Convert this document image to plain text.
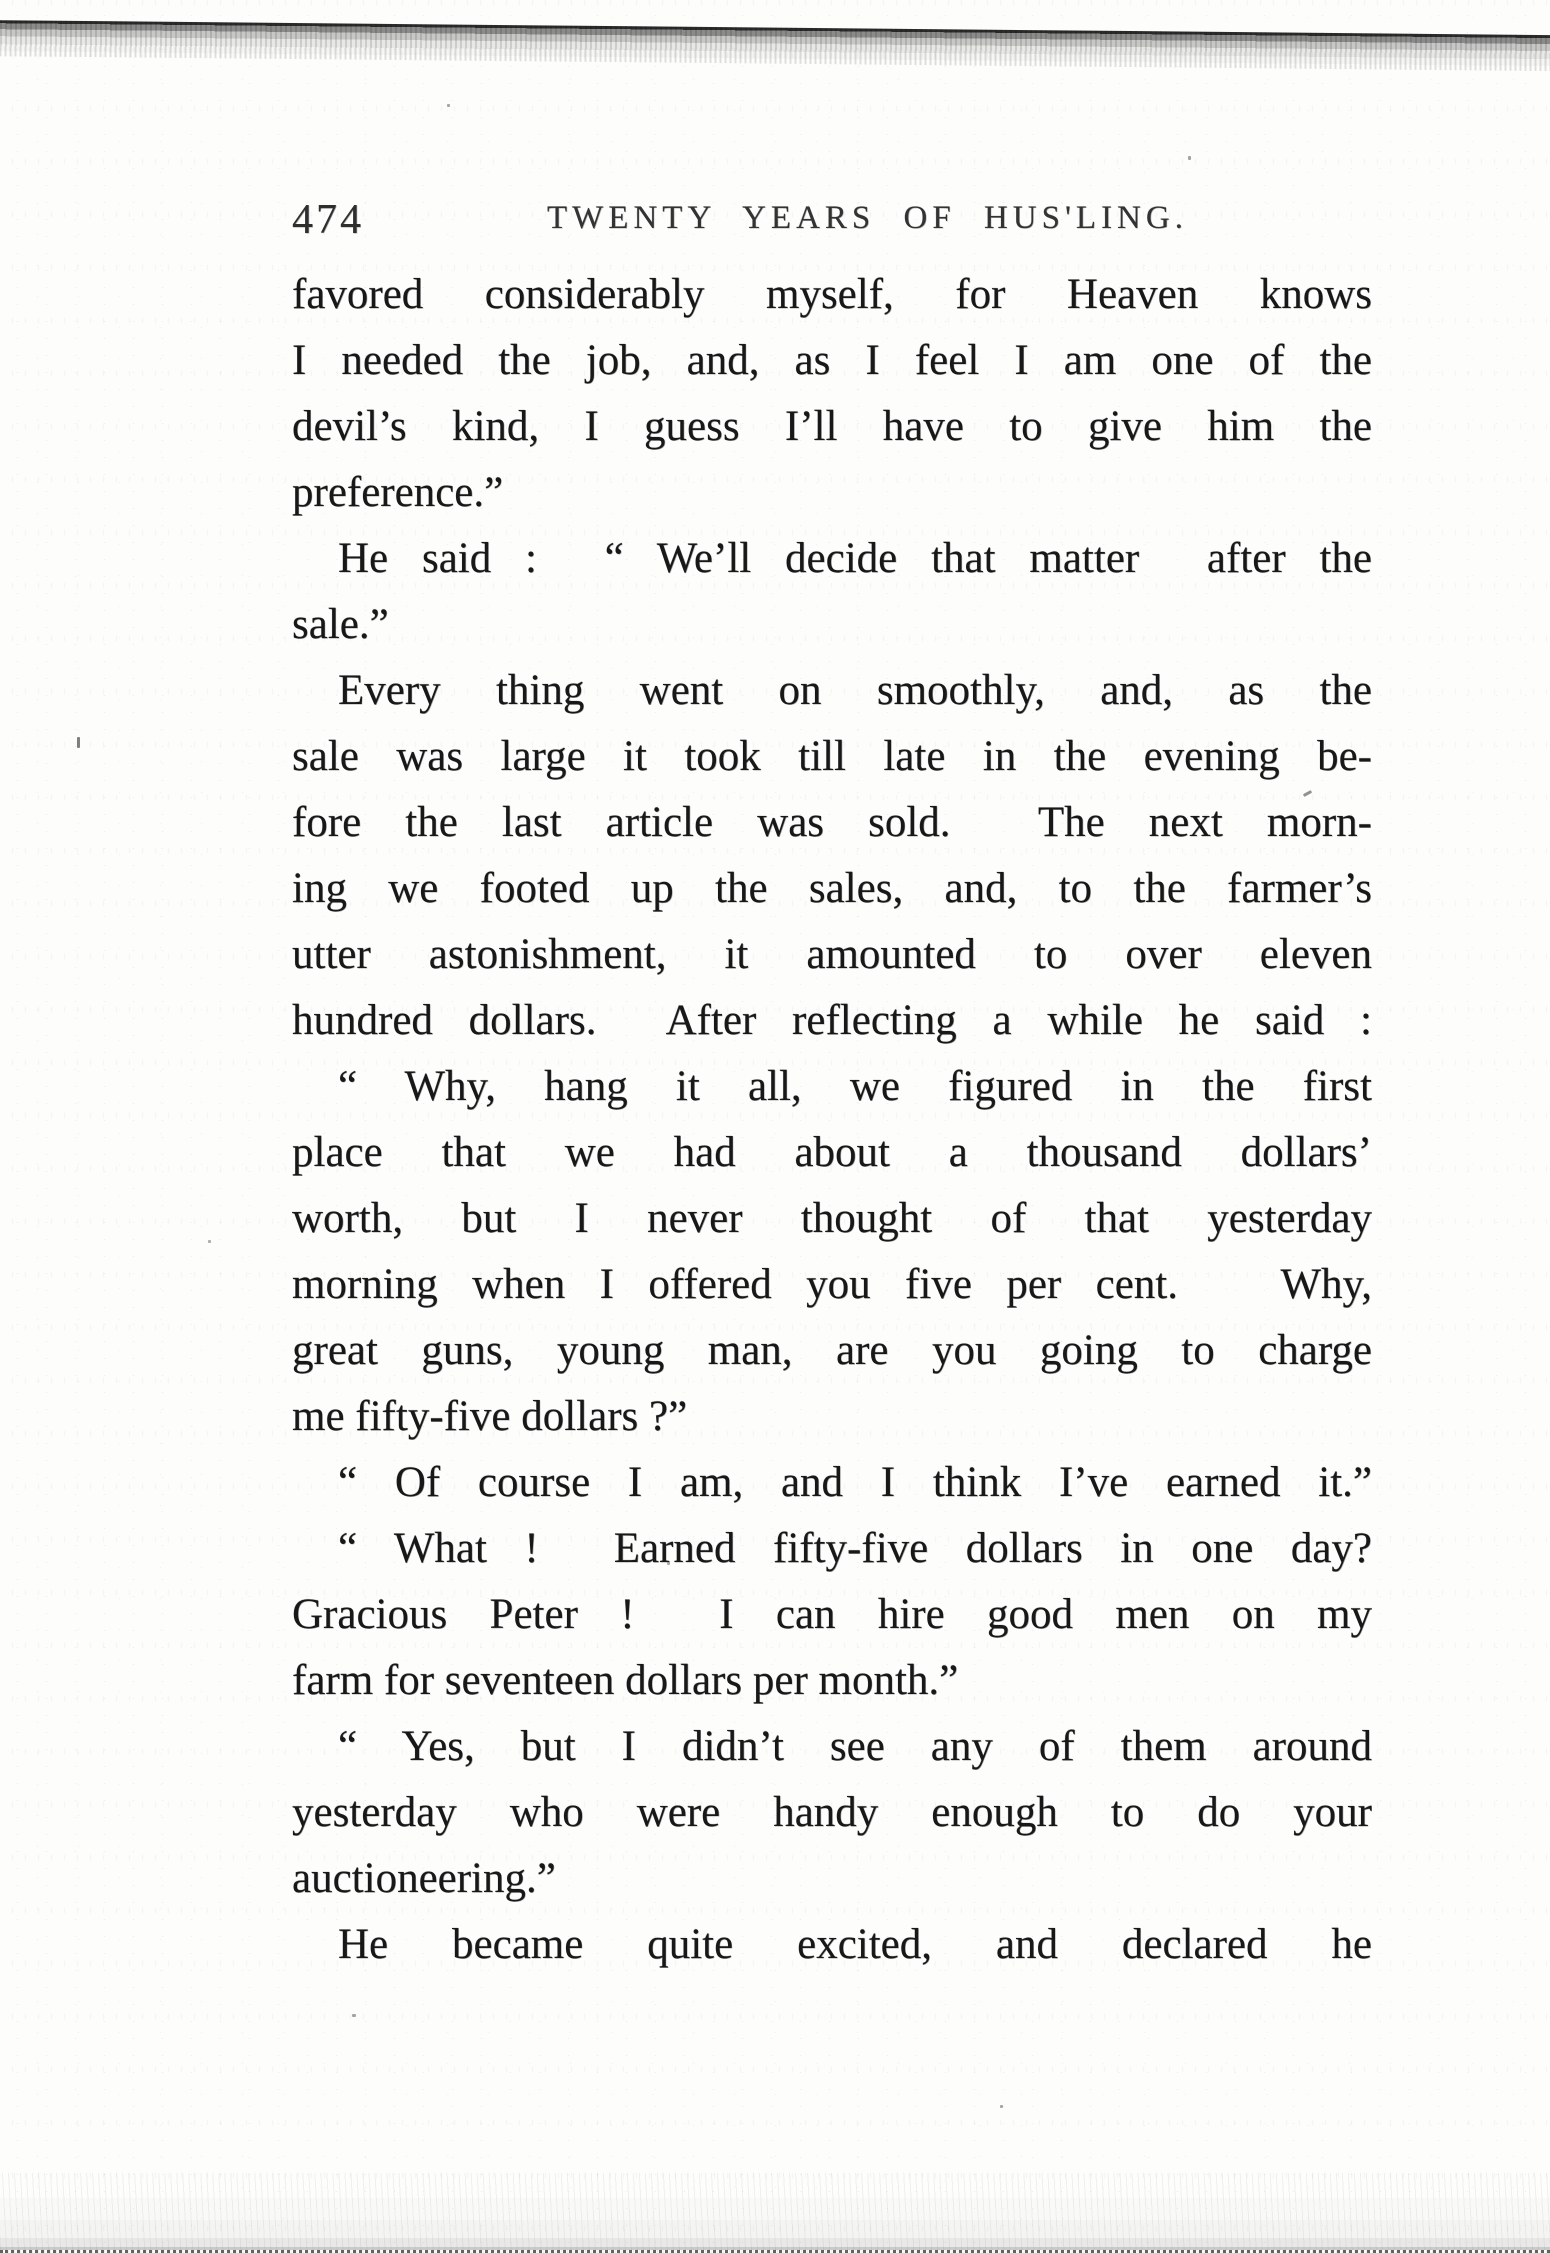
474	TWENTY YEARS OF HUS'LING.
favored considerably myself, for Heaven knows
I needed the job, and, as I feel I am one of the
devil’s kind, I guess I’ll have to give him the
preference.”
He said :  “ We’ll decide that matter  after the
sale.”
Every thing went on smoothly, and, as the
sale was large it took till late in the evening be-
fore the last article was sold.  The next morn-
ing we footed up the sales, and, to the farmer’s
utter astonishment, it amounted to over eleven
hundred dollars.  After reflecting a while he said :
“ Why, hang it all, we figured in the first
place that we had about a thousand dollars’
worth, but I never thought of that yesterday
morning when I offered you five per cent.   Why,
great guns, young man, are you going to charge
me fifty-five dollars ?”
“ Of course I am, and I think I’ve earned it.”
“ What !  Earned fifty-five dollars in one day?
Gracious Peter !  I can hire good men on my
farm for seventeen dollars per month.”
“ Yes, but I didn’t see any of them around
yesterday who were handy enough to do your
auctioneering.”
He became quite excited, and declared he
